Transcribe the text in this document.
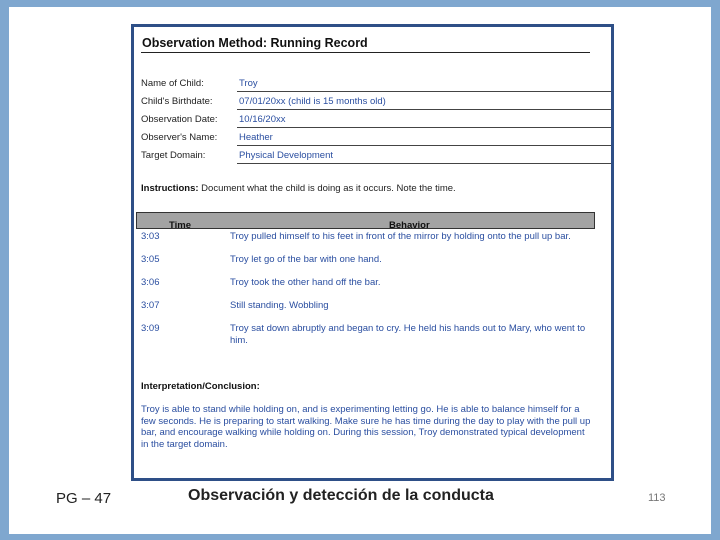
Observation Method: Running Record
Name of Child:	Troy
Child's Birthdate:	07/01/20xx (child is 15 months old)
Observation Date: 10/16/20xx
Observer's Name: Heather
Target Domain:	Physical Development
Instructions: Document what the child is doing as it occurs. Note the time.
Time	Behavior
3:03	Troy pulled himself to his feet in front of the mirror by holding onto the pull up bar.
3:05	Troy let go of the bar with one hand.
3:06	Troy took the other hand off the bar.
3:07	Still standing. Wobbling
3:09	Troy sat down abruptly and began to cry. He held his hands out to Mary, who went to him.
Interpretation/Conclusion:
Troy is able to stand while holding on, and is experimenting letting go. He is able to balance himself for a few seconds. He is preparing to start walking. Make sure he has time during the day to play with the pull up bar, and encourage walking while holding on. During this session, Troy demonstrated typical development in the target domain.
PG – 47	Observación y detección de la conducta	113
